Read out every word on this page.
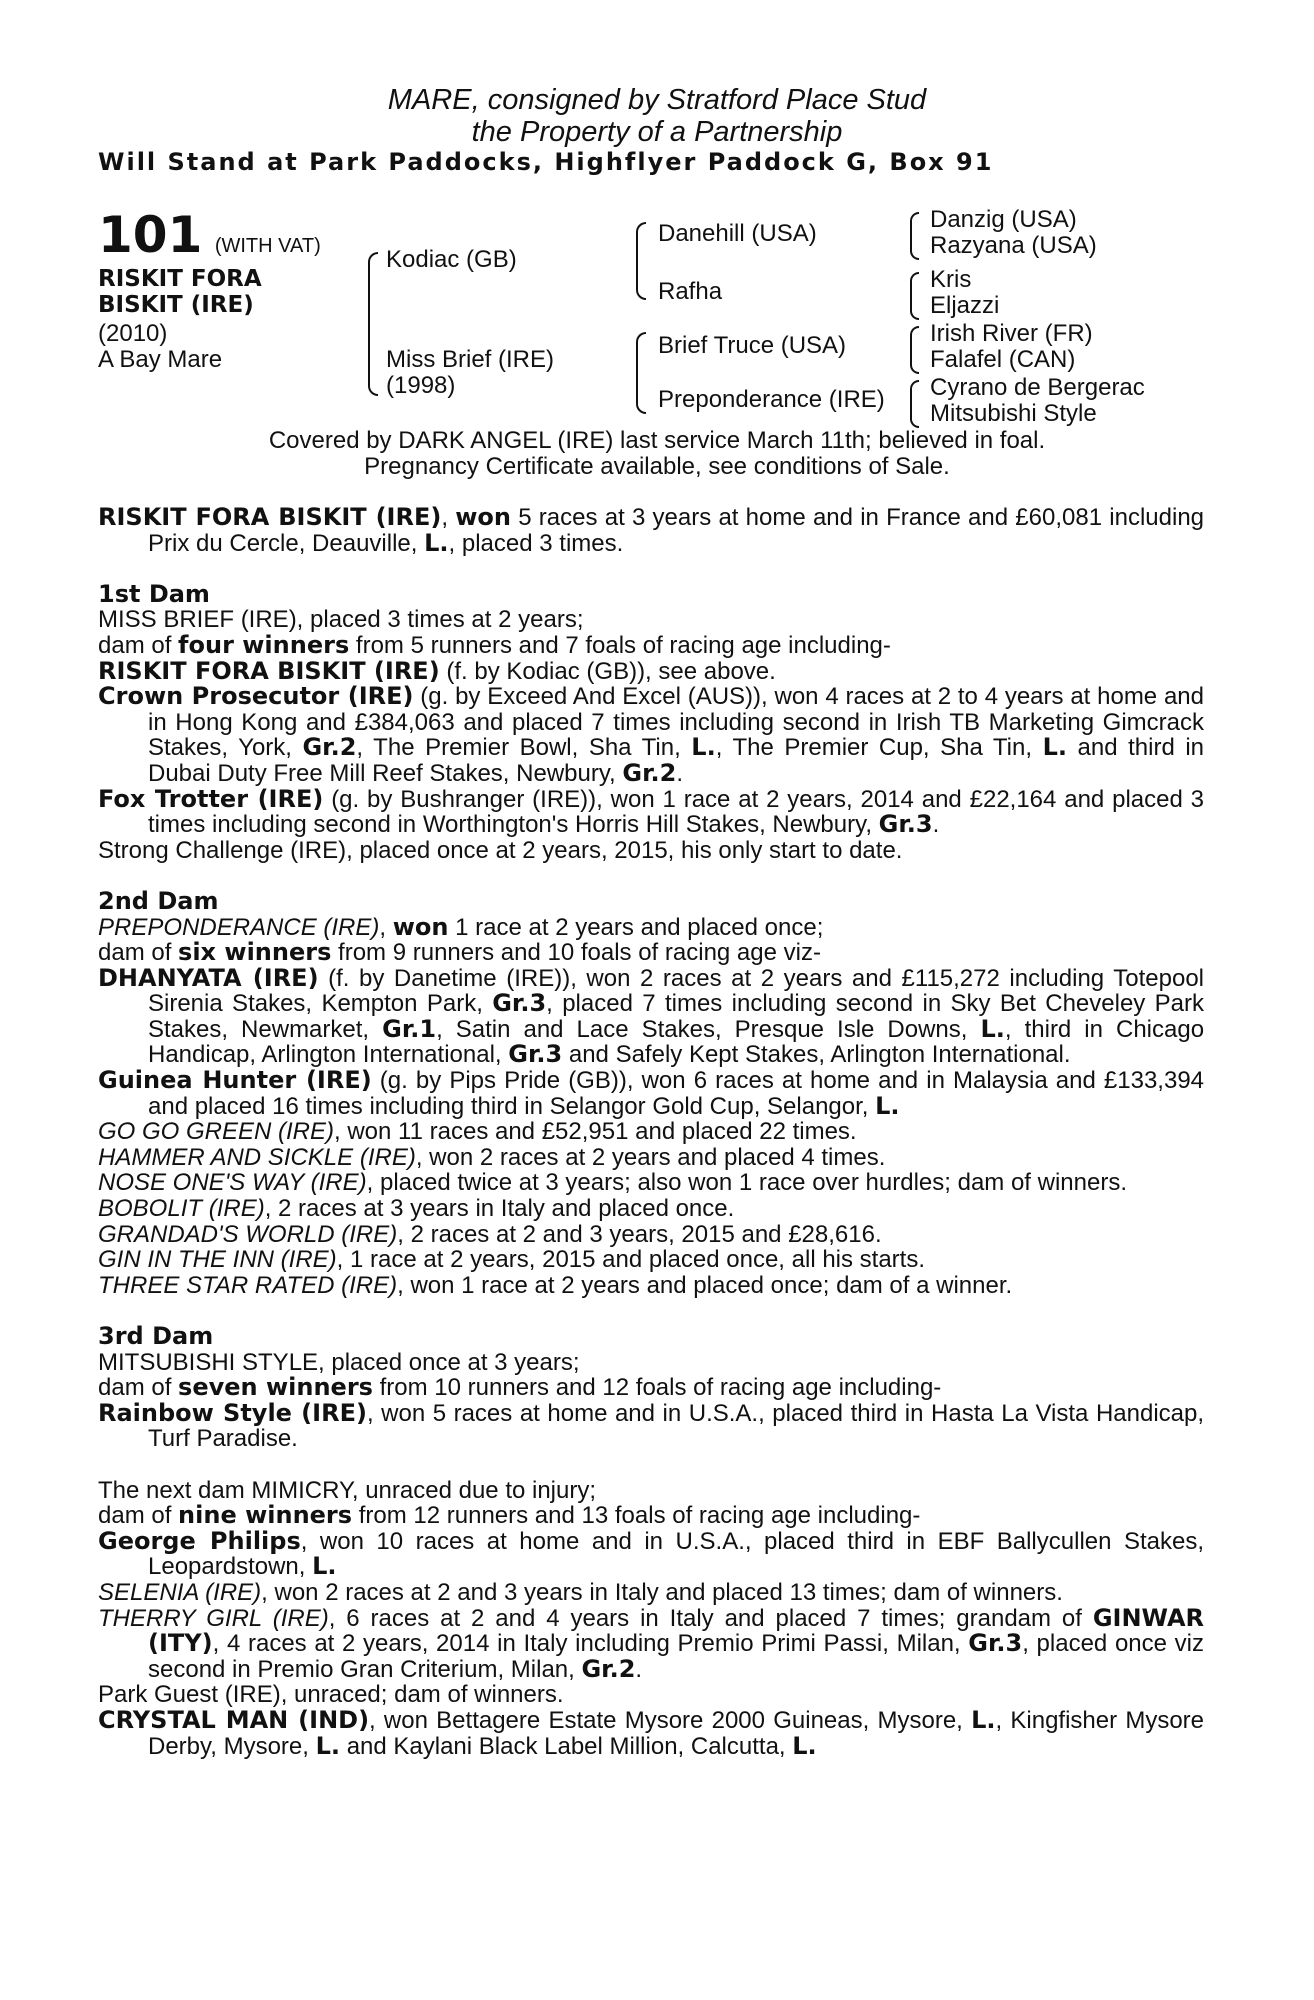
MARE, consigned by Stratford Place Stud
the Property of a Partnership
Will Stand at Park Paddocks, Highflyer Paddock G, Box 91
101 (WITH VAT)
RISKIT FORA
BISKIT (IRE)
(2010)
A Bay Mare
Kodiac (GB)
Miss Brief (IRE)
(1998)
Danehill (USA)
Rafha
Brief Truce (USA)
Preponderance (IRE)
Danzig (USA)
Razyana (USA)
Kris
Eljazzi
Irish River (FR)
Falafel (CAN)
Cyrano de Bergerac
Mitsubishi Style
Covered by DARK ANGEL (IRE) last service March 11th; believed in foal.
Pregnancy Certificate available, see conditions of Sale.

RISKIT FORA BISKIT (IRE), won 5 races at 3 years at home and in France and £60,081 including Prix du Cercle, Deauville, L., placed 3 times.

1st Dam

MISS BRIEF (IRE), placed 3 times at 2 years;

dam of four winners from 5 runners and 7 foals of racing age including-

RISKIT FORA BISKIT (IRE) (f. by Kodiac (GB)), see above.

Crown Prosecutor (IRE) (g. by Exceed And Excel (AUS)), won 4 races at 2 to 4 years at home and in Hong Kong and £384,063 and placed 7 times including second in Irish TB Marketing Gimcrack Stakes, York, Gr.2, The Premier Bowl, Sha Tin, L., The Premier Cup, Sha Tin, L. and third in Dubai Duty Free Mill Reef Stakes, Newbury, Gr.2.

Fox Trotter (IRE) (g. by Bushranger (IRE)), won 1 race at 2 years, 2014 and £22,164 and placed 3 times including second in Worthington's Horris Hill Stakes, Newbury, Gr.3.

Strong Challenge (IRE), placed once at 2 years, 2015, his only start to date.

2nd Dam

PREPONDERANCE (IRE), won 1 race at 2 years and placed once;

dam of six winners from 9 runners and 10 foals of racing age viz-

DHANYATA (IRE) (f. by Danetime (IRE)), won 2 races at 2 years and £115,272 including Totepool Sirenia Stakes, Kempton Park, Gr.3, placed 7 times including second in Sky Bet Cheveley Park Stakes, Newmarket, Gr.1, Satin and Lace Stakes, Presque Isle Downs, L., third in Chicago Handicap, Arlington International, Gr.3 and Safely Kept Stakes, Arlington International.

Guinea Hunter (IRE) (g. by Pips Pride (GB)), won 6 races at home and in Malaysia and £133,394 and placed 16 times including third in Selangor Gold Cup, Selangor, L.

GO GO GREEN (IRE), won 11 races and £52,951 and placed 22 times.

HAMMER AND SICKLE (IRE), won 2 races at 2 years and placed 4 times.

NOSE ONE'S WAY (IRE), placed twice at 3 years; also won 1 race over hurdles; dam of winners.

BOBOLIT (IRE), 2 races at 3 years in Italy and placed once.

GRANDAD'S WORLD (IRE), 2 races at 2 and 3 years, 2015 and £28,616.

GIN IN THE INN (IRE), 1 race at 2 years, 2015 and placed once, all his starts.

THREE STAR RATED (IRE), won 1 race at 2 years and placed once; dam of a winner.

3rd Dam

MITSUBISHI STYLE, placed once at 3 years;

dam of seven winners from 10 runners and 12 foals of racing age including-

Rainbow Style (IRE), won 5 races at home and in U.S.A., placed third in Hasta La Vista Handicap, Turf Paradise.

The next dam MIMICRY, unraced due to injury;

dam of nine winners from 12 runners and 13 foals of racing age including-

George Philips, won 10 races at home and in U.S.A., placed third in EBF Ballycullen Stakes, Leopardstown, L.

SELENIA (IRE), won 2 races at 2 and 3 years in Italy and placed 13 times; dam of winners.

THERRY GIRL (IRE), 6 races at 2 and 4 years in Italy and placed 7 times; grandam of GINWAR (ITY), 4 races at 2 years, 2014 in Italy including Premio Primi Passi, Milan, Gr.3, placed once viz second in Premio Gran Criterium, Milan, Gr.2.

Park Guest (IRE), unraced; dam of winners.

CRYSTAL MAN (IND), won Bettagere Estate Mysore 2000 Guineas, Mysore, L., Kingfisher Mysore Derby, Mysore, L. and Kaylani Black Label Million, Calcutta, L.
